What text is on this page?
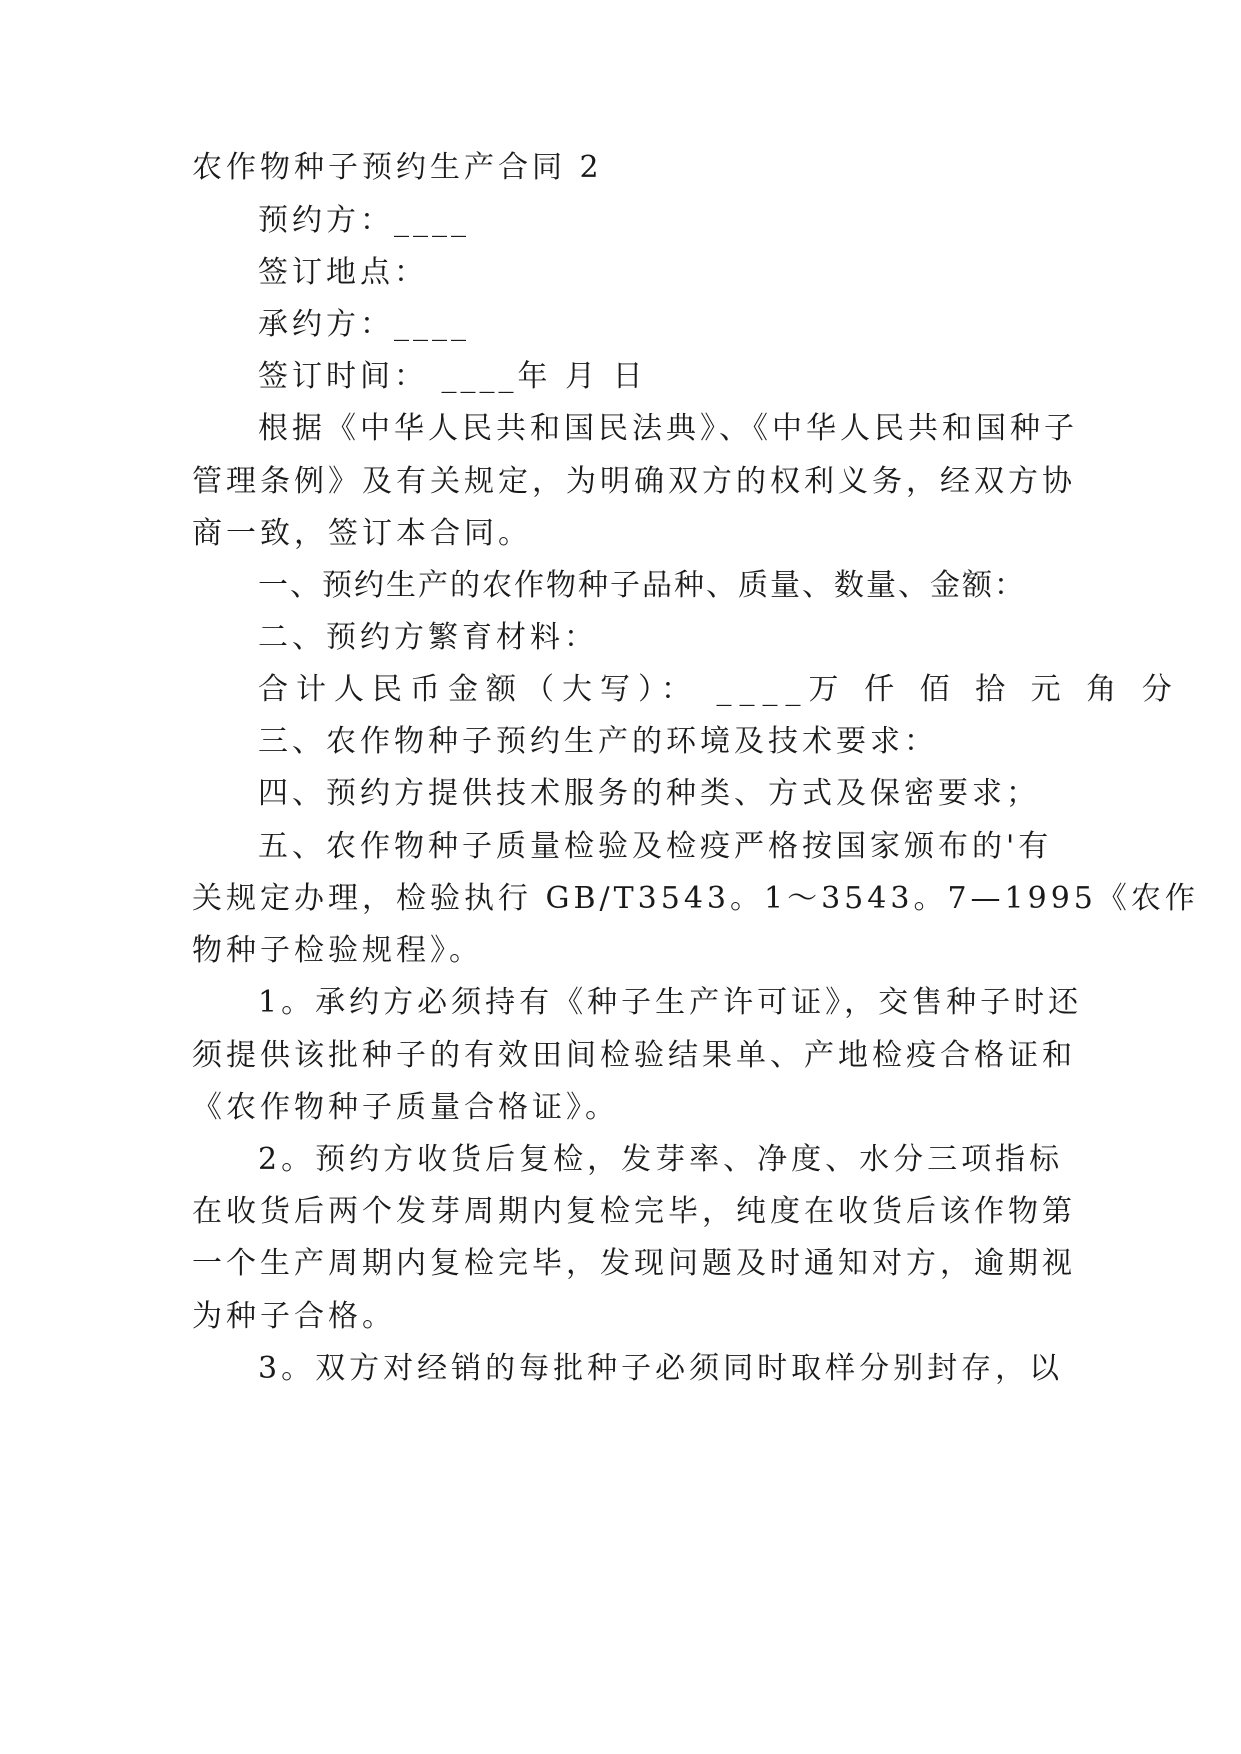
农作物种子预约生产合同 2
预约方：____
签订地点：
承约方：____
签订时间： ____年 月 日
根据《中华人民共和国民法典》、《中华人民共和国种子
管理条例》及有关规定，为明确双方的权利义务，经双方协
商一致，签订本合同。
一、预约生产的农作物种子品种、质量、数量、金额：
二、预约方繁育材料：
合计人民币金额（大写）： ____万 仟 佰 拾 元 角 分
三、农作物种子预约生产的环境及技术要求：
四、预约方提供技术服务的种类、方式及保密要求；
五、农作物种子质量检验及检疫严格按国家颁布的'有
关规定办理，检验执行 GB/T3543。1～3543。7—1995《农作
物种子检验规程》。
1。承约方必须持有《种子生产许可证》，交售种子时还
须提供该批种子的有效田间检验结果单、产地检疫合格证和
《农作物种子质量合格证》。
2。预约方收货后复检，发芽率、净度、水分三项指标
在收货后两个发芽周期内复检完毕，纯度在收货后该作物第
一个生产周期内复检完毕，发现问题及时通知对方，逾期视
为种子合格。
3。双方对经销的每批种子必须同时取样分别封存，以
